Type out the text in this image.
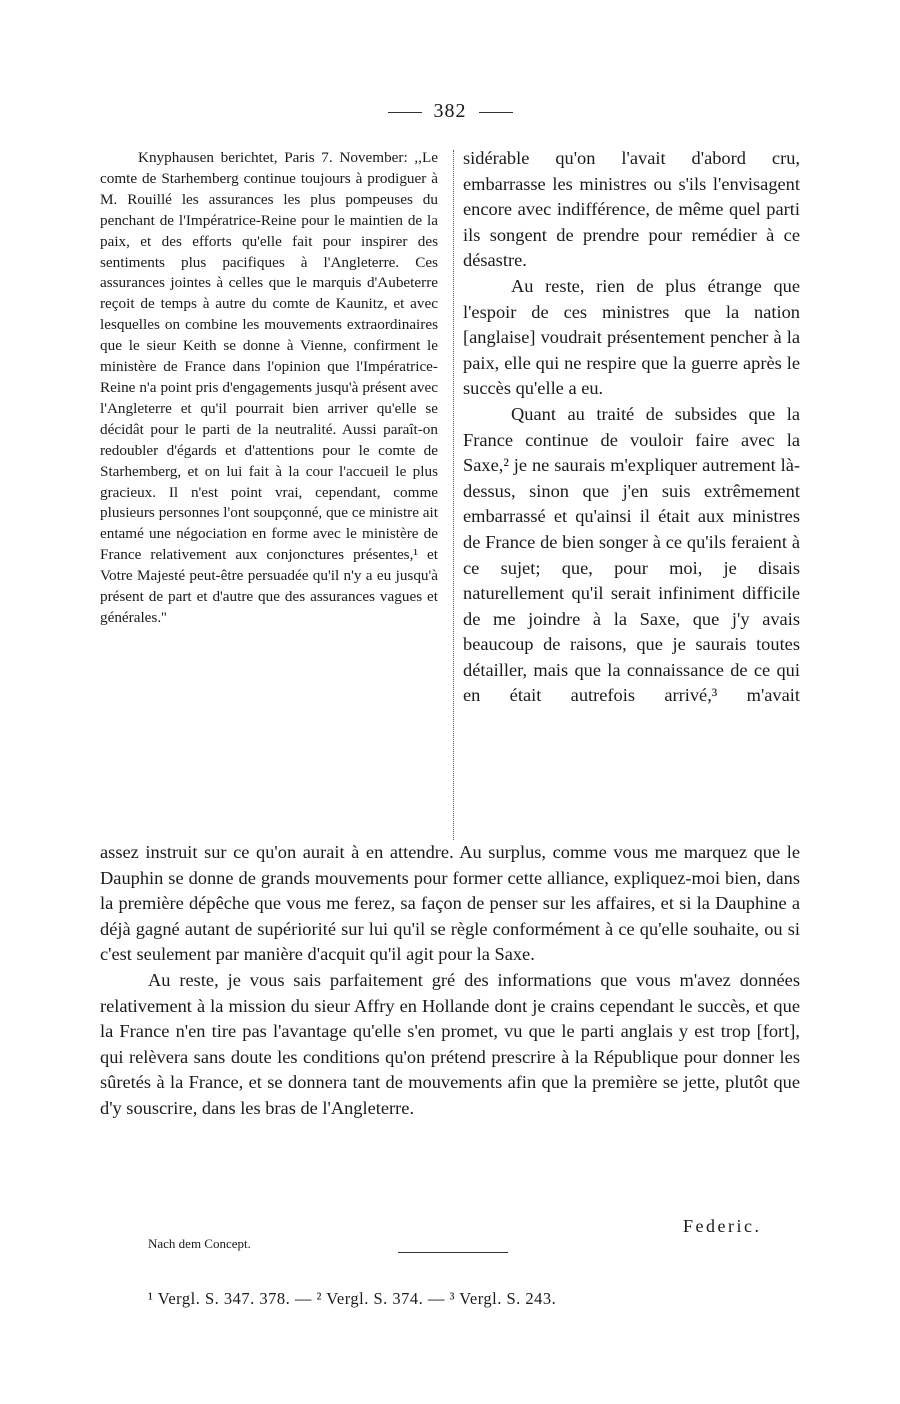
382

Knyphausen berichtet, Paris 7. November: ,,Le comte de Starhemberg continue toujours à prodiguer à M. Rouillé les assurances les plus pompeuses du penchant de l'Impératrice-Reine pour le maintien de la paix, et des efforts qu'elle fait pour inspirer des sentiments plus pacifiques à l'Angleterre. Ces assurances jointes à celles que le marquis d'Aubeterre reçoit de temps à autre du comte de Kaunitz, et avec lesquelles on combine les mouvements extraordinaires que le sieur Keith se donne à Vienne, confirment le ministère de France dans l'opinion que l'Impératrice-Reine n'a point pris d'engagements jusqu'à présent avec l'Angleterre et qu'il pourrait bien arriver qu'elle se décidât pour le parti de la neutralité. Aussi paraît-on redoubler d'égards et d'attentions pour le comte de Starhemberg, et on lui fait à la cour l'accueil le plus gracieux. Il n'est point vrai, cependant, comme plusieurs personnes l'ont soupçonné, que ce ministre ait entamé une négociation en forme avec le ministère de France relativement aux conjonctures présentes,¹ et Votre Majesté peut-être persuadée qu'il n'y a eu jusqu'à présent de part et d'autre que des assurances vagues et générales.''

sidérable qu'on l'avait d'abord cru, embarrasse les ministres ou s'ils l'envisagent encore avec indifférence, de même quel parti ils songent de prendre pour remédier à ce désastre.

Au reste, rien de plus étrange que l'espoir de ces ministres que la nation [anglaise] voudrait présentement pencher à la paix, elle qui ne respire que la guerre après le succès qu'elle a eu.

Quant au traité de subsides que la France continue de vouloir faire avec la Saxe,² je ne saurais m'expliquer autrement là-dessus, sinon que j'en suis extrêmement embarrassé et qu'ainsi il était aux ministres de France de bien songer à ce qu'ils feraient à ce sujet; que, pour moi, je disais naturellement qu'il serait infiniment difficile de me joindre à la Saxe, que j'y avais beaucoup de raisons, que je saurais toutes détailler, mais que la connaissance de ce qui en était autrefois arrivé,³ m'avait

assez instruit sur ce qu'on aurait à en attendre. Au surplus, comme vous me marquez que le Dauphin se donne de grands mouvements pour former cette alliance, expliquez-moi bien, dans la première dépêche que vous me ferez, sa façon de penser sur les affaires, et si la Dauphine a déjà gagné autant de supériorité sur lui qu'il se règle conformément à ce qu'elle souhaite, ou si c'est seulement par manière d'acquit qu'il agit pour la Saxe.

Au reste, je vous sais parfaitement gré des informations que vous m'avez données relativement à la mission du sieur Affry en Hollande dont je crains cependant le succès, et que la France n'en tire pas l'avantage qu'elle s'en promet, vu que le parti anglais y est trop [fort], qui relèvera sans doute les conditions qu'on prétend prescrire à la République pour donner les sûretés à la France, et se donnera tant de mouvements afin que la première se jette, plutôt que d'y souscrire, dans les bras de l'Angleterre.

Federic.
Nach dem Concept.
¹ Vergl. S. 347. 378. — ² Vergl. S. 374. — ³ Vergl. S. 243.
